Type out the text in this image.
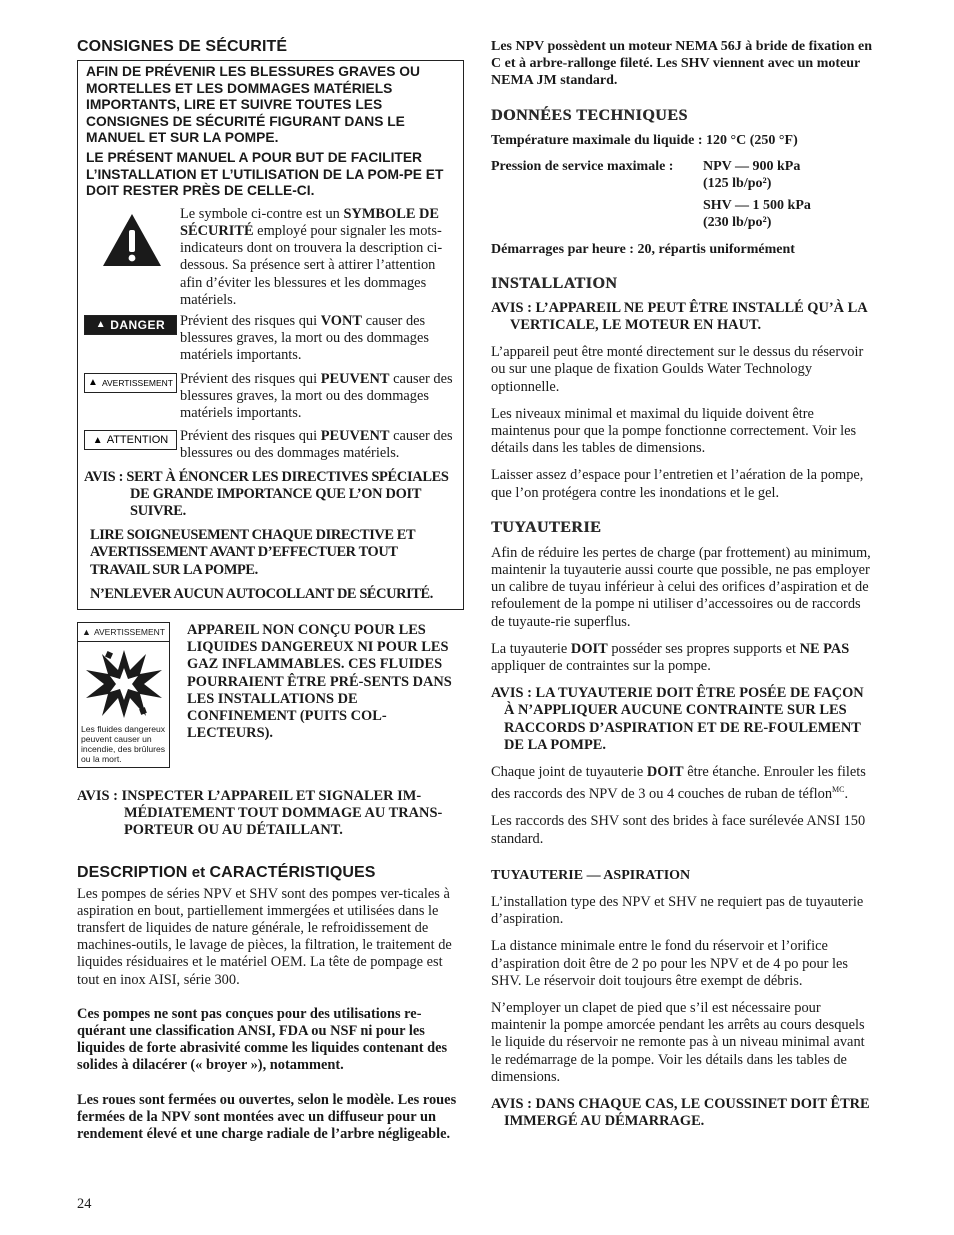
CONSIGNES DE SÉCURITÉ

AFIN DE PRÉVENIR LES BLESSURES GRAVES OU MORTELLES ET LES DOMMAGES MATÉRIELS IMPORTANTS, LIRE ET SUIVRE TOUTES LES CONSIGNES DE SÉCURITÉ FIGURANT DANS LE MANUEL ET SUR LA POMPE.

LE PRÉSENT MANUEL A POUR BUT DE FACILITER L’INSTALLATION ET L’UTILISATION DE LA POM-PE ET DOIT RESTER PRÈS DE CELLE-CI.

Le symbole ci-contre est un SYMBOLE DE SÉCURITÉ employé pour signaler les mots-indicateurs dont on trouvera la description ci-dessous. Sa présence sert à attirer l’attention afin d’éviter les blessures et les dommages matériels.

▲ DANGER Prévient des risques qui VONT causer des blessures graves, la mort ou des dommages matériels importants.

▲ AVERTISSEMENT Prévient des risques qui PEUVENT causer des blessures graves, la mort ou des dommages matériels importants.

▲ ATTENTION Prévient des risques qui PEUVENT causer des blessures ou des dommages matériels.

AVIS : SERT À ÉNONCER LES DIRECTIVES SPÉCIALES DE GRANDE IMPORTANCE QUE L’ON DOIT SUIVRE.

LIRE SOIGNEUSEMENT CHAQUE DIRECTIVE ET AVERTISSEMENT AVANT D’EFFECTUER TOUT TRAVAIL SUR LA POMPE.

N’ENLEVER AUCUN AUTOCOLLANT DE SÉCURITÉ.

▲ AVERTISSEMENT
Les fluides dangereux peuvent causer un incendie, des brûlures ou la mort.

APPAREIL NON CONÇU POUR LES LIQUIDES DANGEREUX NI POUR LES GAZ INFLAMMABLES. CES FLUIDES POURRAIENT ÊTRE PRÉ-SENTS DANS LES INSTALLATIONS DE CONFINEMENT (PUITS COL-LECTEURS).

AVIS : INSPECTER L’APPAREIL ET SIGNALER IM-MÉDIATEMENT TOUT DOMMAGE AU TRANS-PORTEUR OU AU DÉTAILLANT.

DESCRIPTION et CARACTÉRISTIQUES

Les pompes de séries NPV et SHV sont des pompes ver-ticales à aspiration en bout, partiellement immergées et utilisées dans le transfert de liquides de nature générale, le refroidissement de machines-outils, le lavage de pièces, la filtration, le traitement de liquides résiduaires et le matériel OEM. La tête de pompage est tout en inox AISI, série 300.

Ces pompes ne sont pas conçues pour des utilisations re-quérant une classification ANSI, FDA ou NSF ni pour les liquides de forte abrasivité comme les liquides contenant des solides à dilacérer (« broyer »), notamment.

Les roues sont fermées ou ouvertes, selon le modèle. Les roues fermées de la NPV sont montées avec un diffuseur pour un rendement élevé et une charge radiale de l’arbre négligeable.

24

Les NPV possèdent un moteur NEMA 56J à bride de fixation en C et à arbre-rallonge fileté. Les SHV viennent avec un moteur NEMA JM standard.

DONNÉES TECHNIQUES

Température maximale du liquide : 120 °C (250 °F)

Pression de service maximale :	NPV — 900 kPa

(125 lb/po²)

SHV — 1 500 kPa

(230 lb/po²)

Démarrages par heure : 20, répartis uniformément

INSTALLATION

AVIS : L’APPAREIL NE PEUT ÊTRE INSTALLÉ QU’À LA VERTICALE, LE MOTEUR EN HAUT.

L’appareil peut être monté directement sur le dessus du réservoir ou sur une plaque de fixation Goulds Water Technology optionnelle.

Les niveaux minimal et maximal du liquide doivent être maintenus pour que la pompe fonctionne correctement. Voir les détails dans les tables de dimensions.

Laisser assez d’espace pour l’entretien et l’aération de la pompe, que l’on protégera contre les inondations et le gel.

TUYAUTERIE

Afin de réduire les pertes de charge (par frottement) au minimum, maintenir la tuyauterie aussi courte que possible, ne pas employer un calibre de tuyau inférieur à celui des orifices d’aspiration et de refoulement de la pompe ni utiliser d’accessoires ou de raccords de tuyaute-rie superflus.

La tuyauterie DOIT posséder ses propres supports et NE PAS appliquer de contraintes sur la pompe.

AVIS : LA TUYAUTERIE DOIT ÊTRE POSÉE DE FAÇON À N’APPLIQUER AUCUNE CONTRAINTE SUR LES RACCORDS D’ASPIRATION ET DE RE-FOULEMENT DE LA POMPE.

Chaque joint de tuyauterie DOIT être étanche. Enrouler les filets des raccords des NPV de 3 ou 4 couches de ruban de téflon$^{MC}$.

Les raccords des SHV sont des brides à face surélevée ANSI 150 standard.

TUYAUTERIE — ASPIRATION

L’installation type des NPV et SHV ne requiert pas de tuyauterie d’aspiration.

La distance minimale entre le fond du réservoir et l’orifice d’aspiration doit être de 2 po pour les NPV et de 4 po pour les SHV. Le réservoir doit toujours être exempt de débris.

N’employer un clapet de pied que s’il est nécessaire pour maintenir la pompe amorcée pendant les arrêts au cours desquels le liquide du réservoir ne remonte pas à un niveau minimal avant le redémarrage de la pompe. Voir les détails dans les tables de dimensions.

AVIS : DANS CHAQUE CAS, LE COUSSINET DOIT ÊTRE IMMERGÉ AU DÉMARRAGE.
